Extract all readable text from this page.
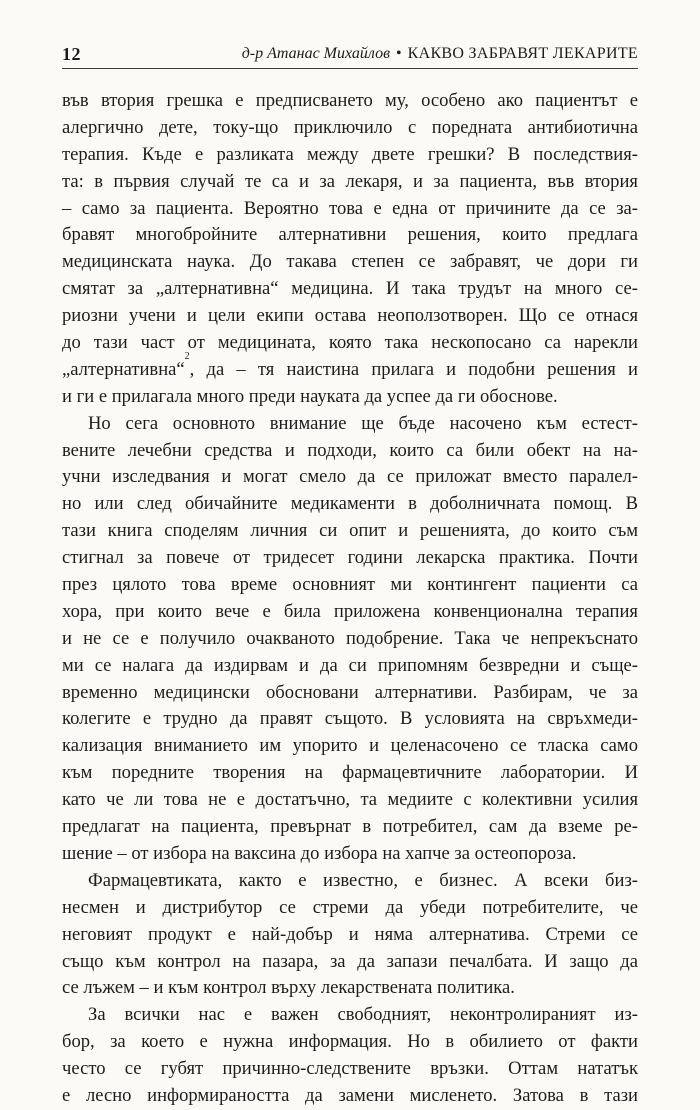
12	д-р Атанас Михайлов • КАКВО ЗАБРАВЯТ ЛЕКАРИТЕ
във втория грешка е предписването му, особено ако пациентът е
алергично дете, току-що приключило с поредната антибиотична
терапия. Къде е разликата между двете грешки? В последствия-
та: в първия случай те са и за лекаря, и за пациента, във втория
– само за пациента. Вероятно това е една от причините да се за-
бравят многобройните алтернативни решения, които предлага
медицинската наука. До такава степен се забравят, че дори ги
смятат за „алтернативна“ медицина. И така трудът на много се-
риозни учени и цели екипи остава неоползотворен. Що се отнася
до тази част от медицината, която така нескопосано са нарекли
„алтернативна“
2
, да – тя наистина прилага и подобни решения и
и ги е прилагала много преди науката да успее да ги обоснове.
Но сега основното внимание ще бъде насочено към естест-
вените лечебни средства и подходи, които са били обект на на-
учни изследвания и могат смело да се приложат вместо паралел-
но или след обичайните медикаменти в доболничната помощ. В
тази книга споделям личния си опит и решенията, до които съм
стигнал за повече от тридесет години лекарска практика. Почти
през цялото това време основният ми контингент пациенти са
хора, при които вече е била приложена конвенционална терапия
и не се е получило очакваното подобрение. Така че непрекъснато
ми се налага да издирвам и да си припомням безвредни и съще-
временно медицински обосновани алтернативи. Разбирам, че за
колегите е трудно да правят същото. В условията на свръхмеди-
кализация вниманието им упорито и целенасочено се тласка само
към поредните творения на фармацевтичните лаборатории. И
като че ли това не е достатъчно, та медиите с колективни усилия
предлагат на пациента, превърнат в потребител, сам да вземе ре-
шение – от избора на ваксина до избора на хапче за остеопороза.
Фармацевтиката, както е известно, е бизнес. А всеки биз-
несмен и дистрибутор се стреми да убеди потребителите, че
неговият продукт е най-добър и няма алтернатива. Стреми се
също към контрол на пазара, за да запази печалбата. И защо да
се лъжем – и към контрол върху лекарствената политика.
За всички нас е важен свободният, неконтролираният из-
бор, за което е нужна информация. Но в обилието от факти
често се губят причинно-следствените връзки. Оттам нататък
е лесно информираността да замени мисленето. Затова в тази
